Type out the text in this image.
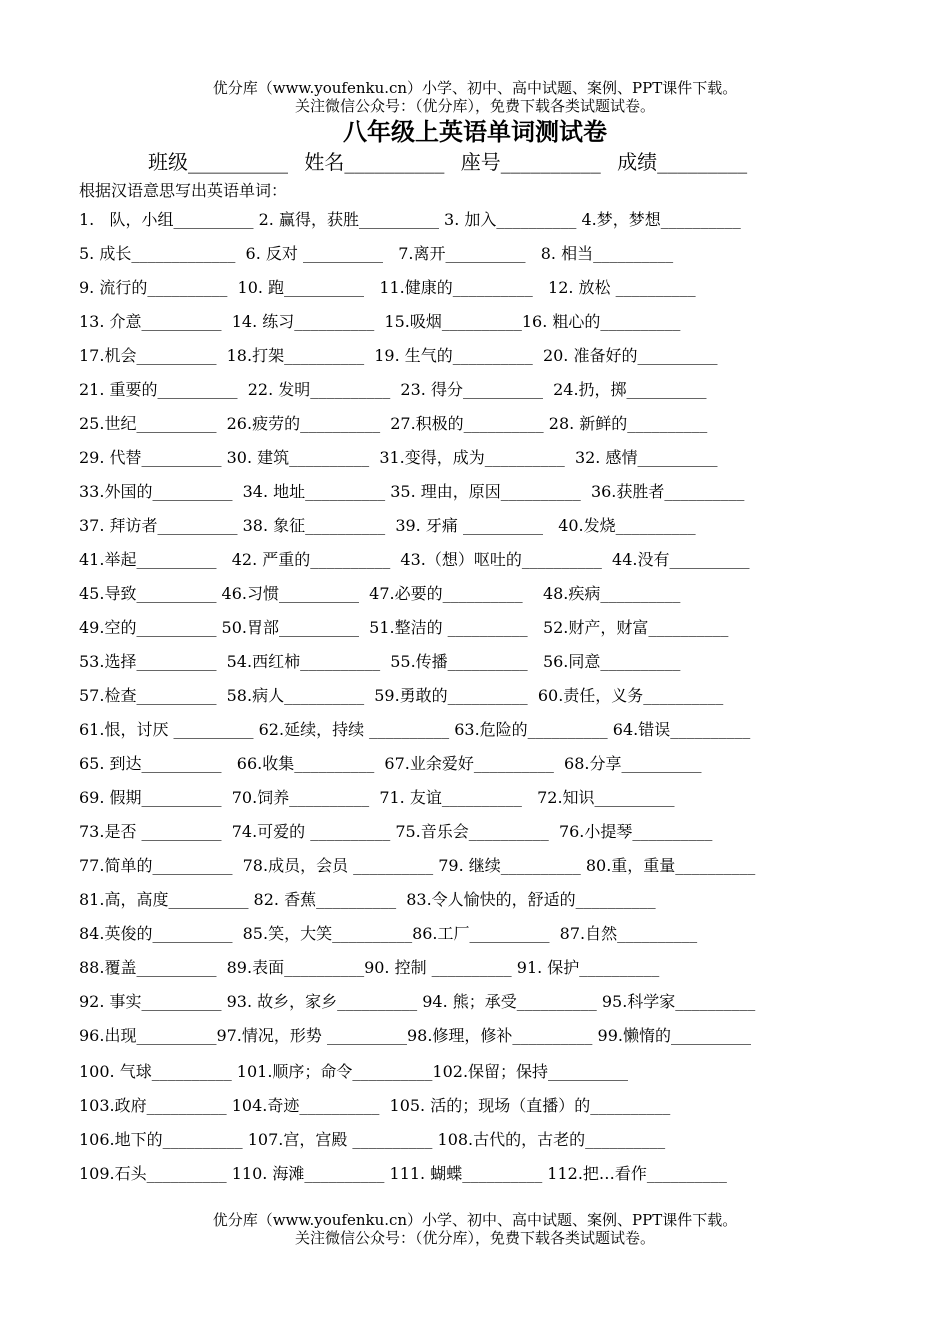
优分库（www.youfenku.cn）小学、初中、高中试题、案例、PPT课件下载。
关注微信公众号：（优分库），免费下载各类试题试卷。
八年级上英语单词测试卷
班级__________ 姓名__________ 座号__________ 成绩_________
根据汉语意思写出英语单词：
1.   队，小组__________ 2. 赢得，获胜__________ 3. 加入__________ 4.梦，梦想__________
5. 成长_____________  6. 反对 __________   7.离开__________   8. 相当__________
9. 流行的__________  10. 跑__________   11.健康的__________   12. 放松 __________
13. 介意__________  14. 练习__________  15.吸烟__________16. 粗心的__________
17.机会__________  18.打架__________  19. 生气的__________  20. 准备好的__________
21. 重要的__________  22. 发明__________  23. 得分__________  24.扔，掷__________
25.世纪__________  26.疲劳的__________  27.积极的__________ 28. 新鲜的__________
29. 代替__________ 30. 建筑__________  31.变得，成为__________  32. 感情__________
33.外国的__________  34. 地址__________ 35. 理由，原因__________  36.获胜者__________
37. 拜访者__________ 38. 象征__________  39. 牙痛 __________   40.发烧__________
41.举起__________   42. 严重的__________  43.（想）呕吐的__________  44.没有__________
45.导致__________ 46.习惯__________  47.必要的__________    48.疾病__________
49.空的__________ 50.胃部__________  51.整洁的 __________   52.财产，财富__________
53.选择__________  54.西红柿__________  55.传播__________   56.同意__________
57.检查__________  58.病人__________  59.勇敢的__________  60.责任，义务__________
61.恨，讨厌 __________ 62.延续，持续 __________ 63.危险的__________ 64.错误__________
65. 到达__________   66.收集__________  67.业余爱好__________  68.分享__________
69. 假期__________  70.饲养__________  71. 友谊__________   72.知识__________
73.是否 __________  74.可爱的 __________ 75.音乐会__________  76.小提琴__________
77.简单的__________  78.成员，会员 __________ 79. 继续__________ 80.重，重量__________
81.高，高度__________ 82. 香蕉__________  83.令人愉快的，舒适的__________
84.英俊的__________  85.笑，大笑__________86.工厂__________  87.自然__________
88.覆盖__________  89.表面__________90. 控制 __________ 91. 保护__________
92. 事实__________ 93. 故乡，家乡__________ 94. 熊；承受__________ 95.科学家__________
96.出现__________97.情况，形势 __________98.修理，修补__________ 99.懒惰的__________
100. 气球__________ 101.顺序；命令__________102.保留；保持__________
103.政府__________ 104.奇迹__________  105. 活的；现场（直播）的__________
106.地下的__________ 107.宫，宫殿 __________ 108.古代的，古老的__________
109.石头__________ 110. 海滩__________ 111. 蝴蝶__________ 112.把…看作__________
优分库（www.youfenku.cn）小学、初中、高中试题、案例、PPT课件下载。
关注微信公众号：（优分库），免费下载各类试题试卷。
